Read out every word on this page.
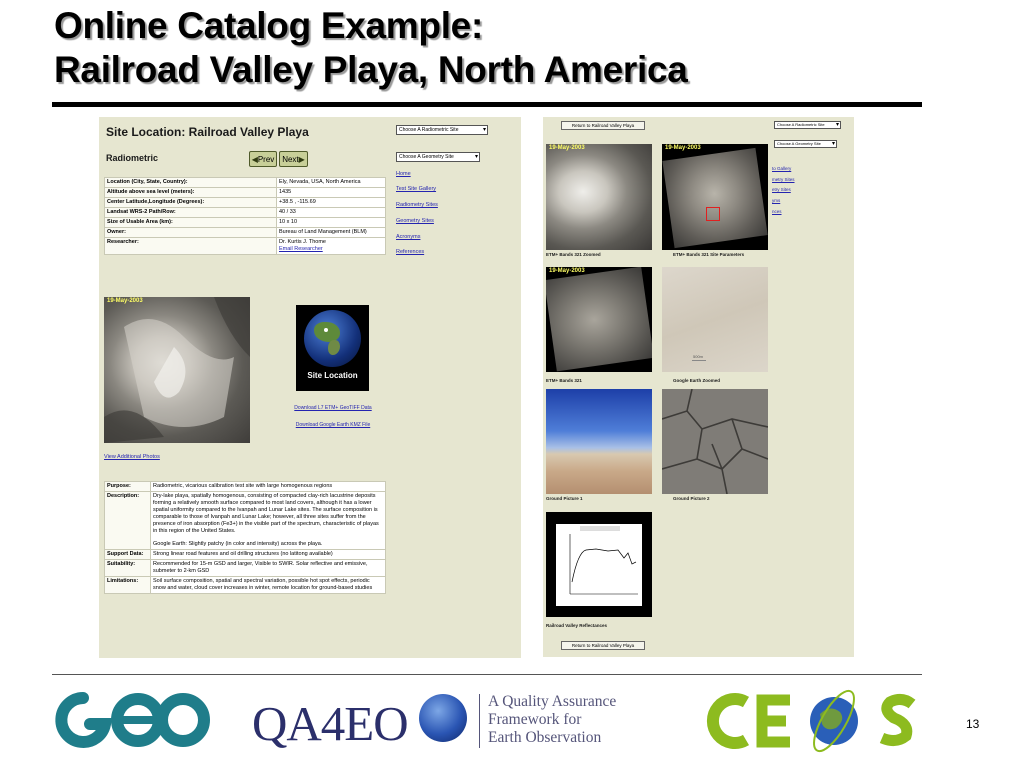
Online Catalog Example:
Railroad Valley Playa, North America
Site Location: Railroad Valley Playa
Radiometric	◀ Prev Next ▶
Choose A Radiometric Site	▾
Choose A Geometry Site	▾
Home
Test Site Gallery
Radiometry Sites
Geometry Sites
Acronyms
References
Location (City, State, Country):	Ely, Nevada, USA, North America
Altitude above sea level (meters):	1435
Center Latitude,Longitude (Degrees):	+38.5 , -115.69
Landsat WRS-2 Path/Row:	40 / 33
Size of Usable Area (km):	10 x 10
Owner:	Bureau of Land Management (BLM)
Researcher:	Dr. Kurtis J. Thome
Email Researcher
19-May-2003
Site Location
Download L7 ETM+ GeoTIFF Data
Download Google Earth KMZ File
View Additional Photos
Purpose:	Radiometric, vicarious calibration test site with large homogenous regions
Description:	Dry-lake playa, spatially homogenous, consisting of compacted clay-rich lacustrine deposits forming a relatively smooth surface compared to most land covers, although it has a lower spatial uniformity compared to the Ivanpah and Lunar Lake sites. The surface composition is comparable to those of Ivanpah and Lunar Lake; however, all three sites suffer from the presence of iron absorption (Fe3+) in the visible part of the spectrum, characteristic of playas in this region of the United States.
Google Earth: Slightly patchy (in color and intensity) across the playa.

Support Data:	Strong linear road features and oil drilling structures (no latitong available)
Suitability:	Recommended for 15-m GSD and larger, Visible to SWIR. Solar reflective and emissive, submeter to 2-km GSD
Limitations:	Soil surface composition, spatial and spectral variation, possible hot spot effects, periodic snow and water, cloud cover increases in winter, remote location for ground-based studies
Return to Railroad Valley Playa	Choose A Radiometric Site ▾
Choose A Geometry Site ▾
to Gallery
metry Sites
etry Sites
yms
nces
19-May-2003
ETM+ Bands 321 Zoomed
19-May-2003
ETM+ Bands 321 Site Parameters
19-May-2003
ETM+ Bands 321
500m
Google Earth Zoomed
Ground Picture 1	Ground Picture 2
Railroad Valley Reflectances
Return to Railroad Valley Playa
QA4EO	A Quality Assurance
Framework for
Earth Observation
13
